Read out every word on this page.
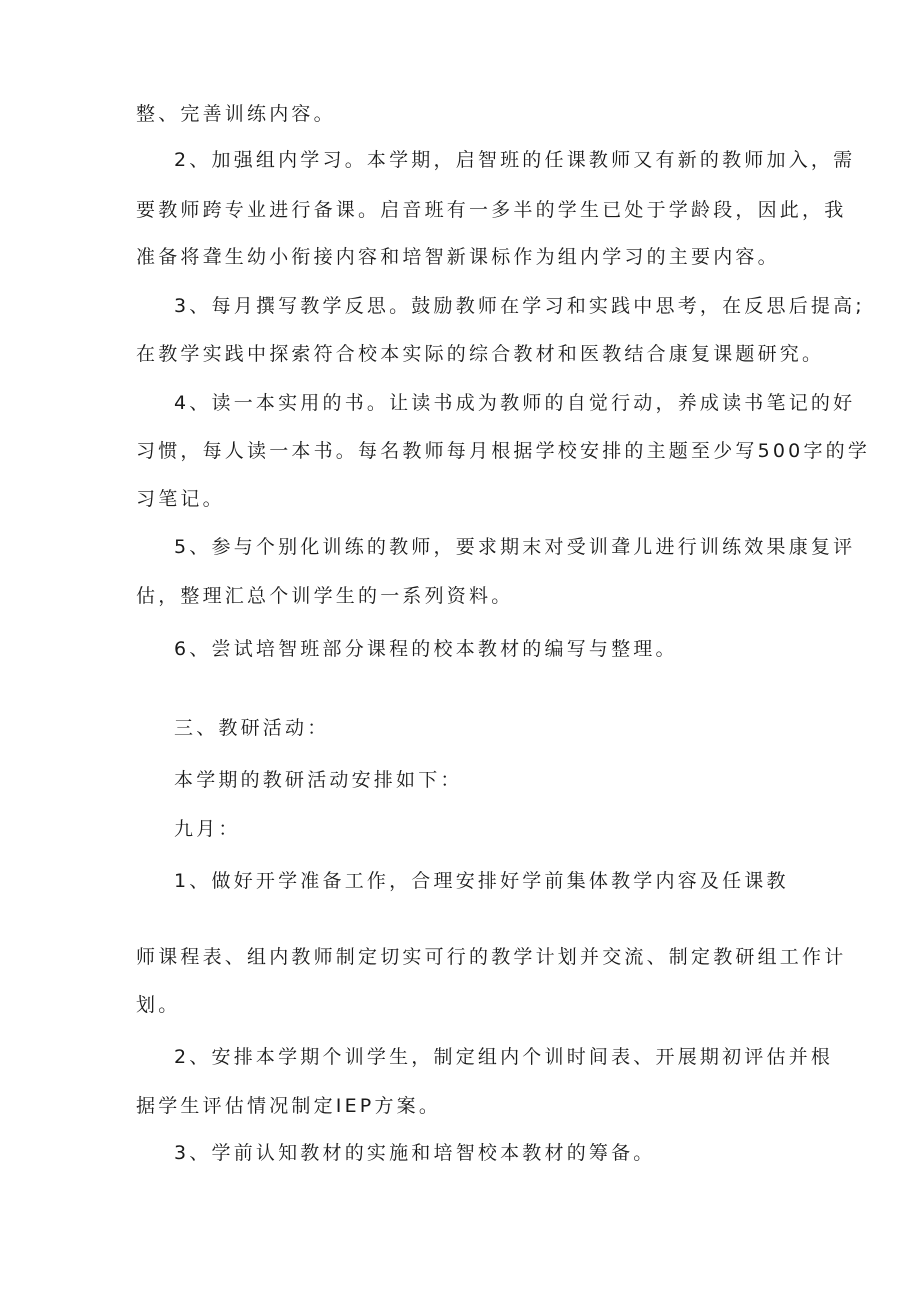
整、完善训练内容。
2、加强组内学习。本学期，启智班的任课教师又有新的教师加入，需
要教师跨专业进行备课。启音班有一多半的学生已处于学龄段，因此，我
准备将聋生幼小衔接内容和培智新课标作为组内学习的主要内容。
3、每月撰写教学反思。鼓励教师在学习和实践中思考，在反思后提高;
在教学实践中探索符合校本实际的综合教材和医教结合康复课题研究。
4、读一本实用的书。让读书成为教师的自觉行动，养成读书笔记的好
习惯，每人读一本书。每名教师每月根据学校安排的主题至少写500字的学
习笔记。
5、参与个别化训练的教师，要求期末对受训聋儿进行训练效果康复评
估，整理汇总个训学生的一系列资料。
6、尝试培智班部分课程的校本教材的编写与整理。
三、教研活动：
本学期的教研活动安排如下：
九月：
1、做好开学准备工作，合理安排好学前集体教学内容及任课教
师课程表、组内教师制定切实可行的教学计划并交流、制定教研组工作计
划。
2、安排本学期个训学生，制定组内个训时间表、开展期初评估并根
据学生评估情况制定IEP方案。
3、学前认知教材的实施和培智校本教材的筹备。
